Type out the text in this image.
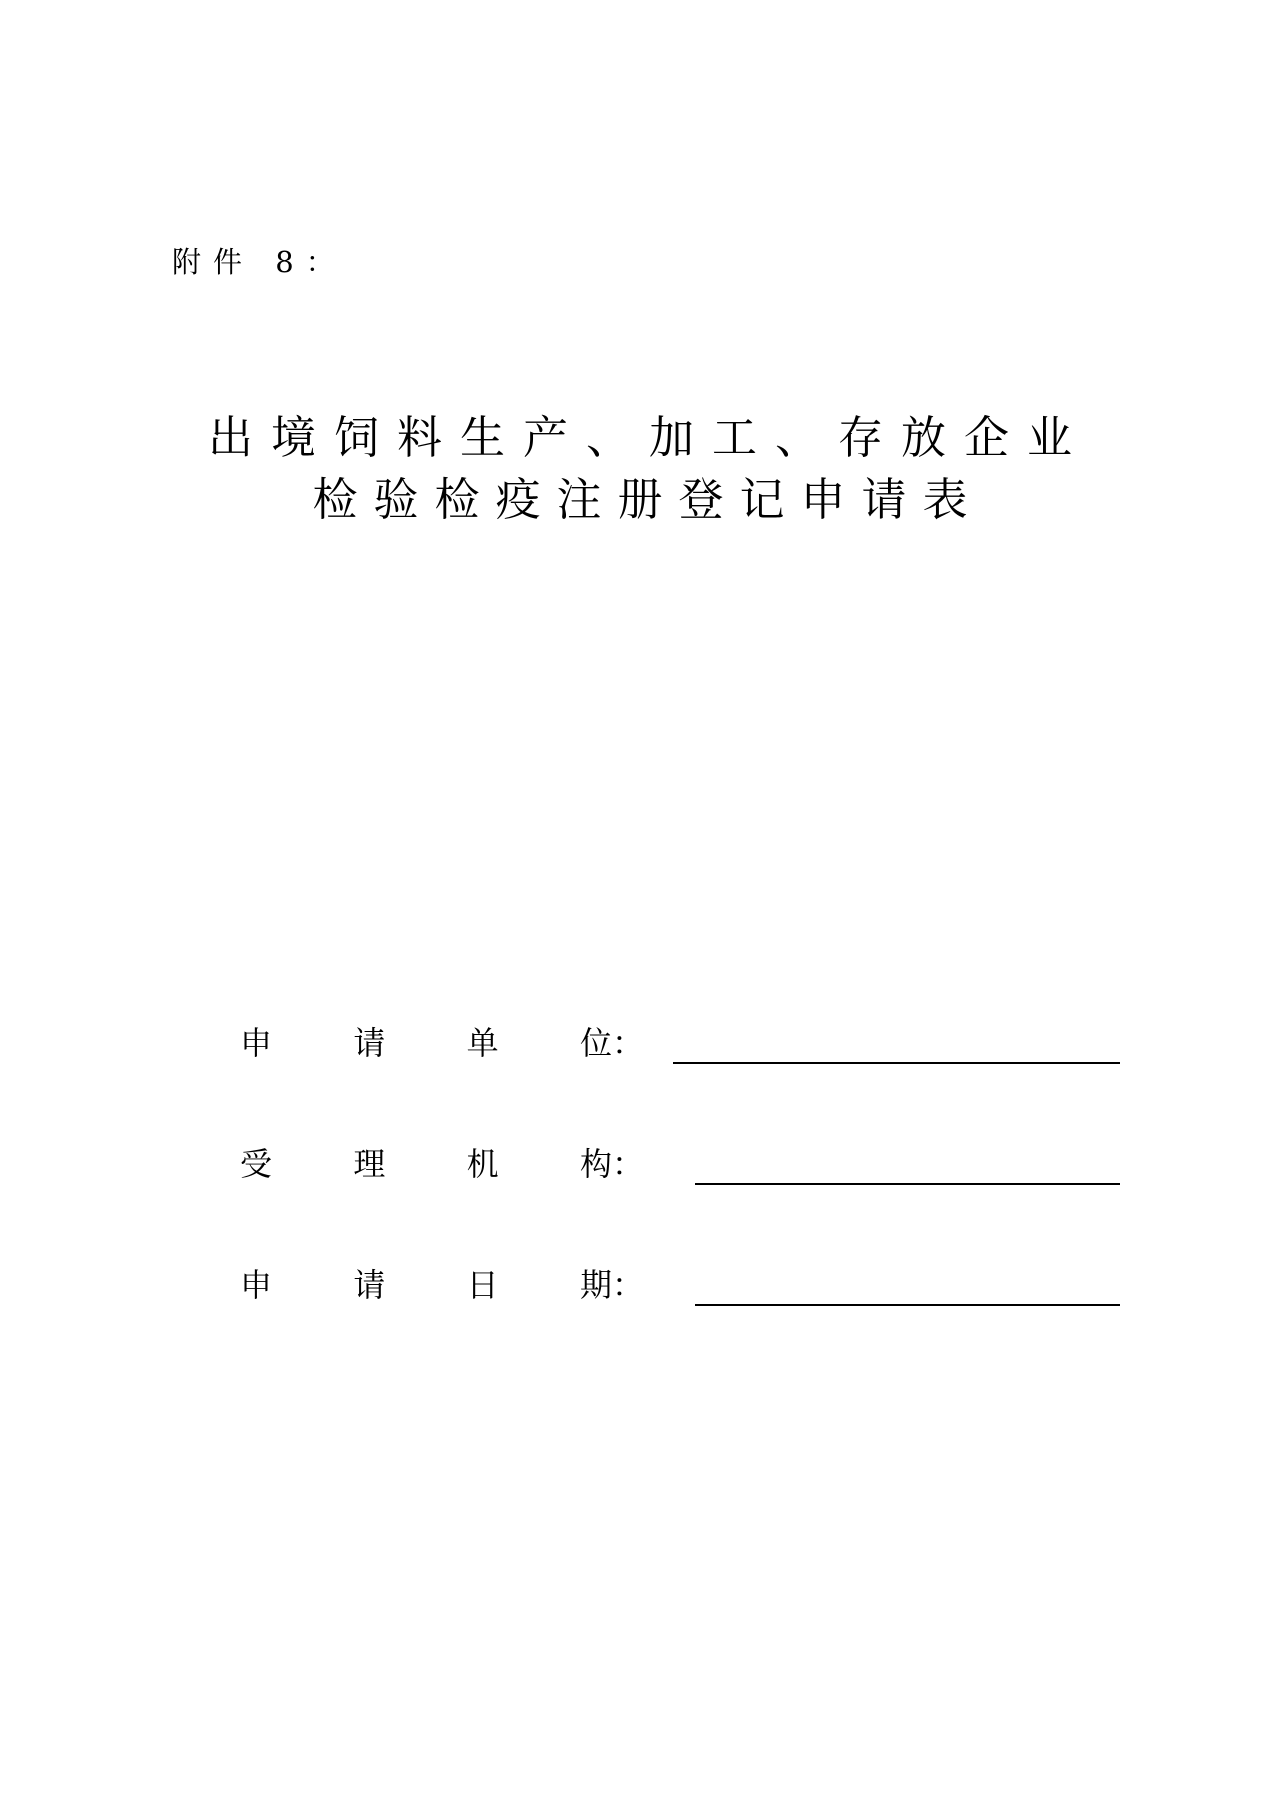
附件 8：
出境饲料生产、加工、存放企业
检验检疫注册登记申请表
申	请	单	位：
受	理	机	构：
申	请	日	期：
